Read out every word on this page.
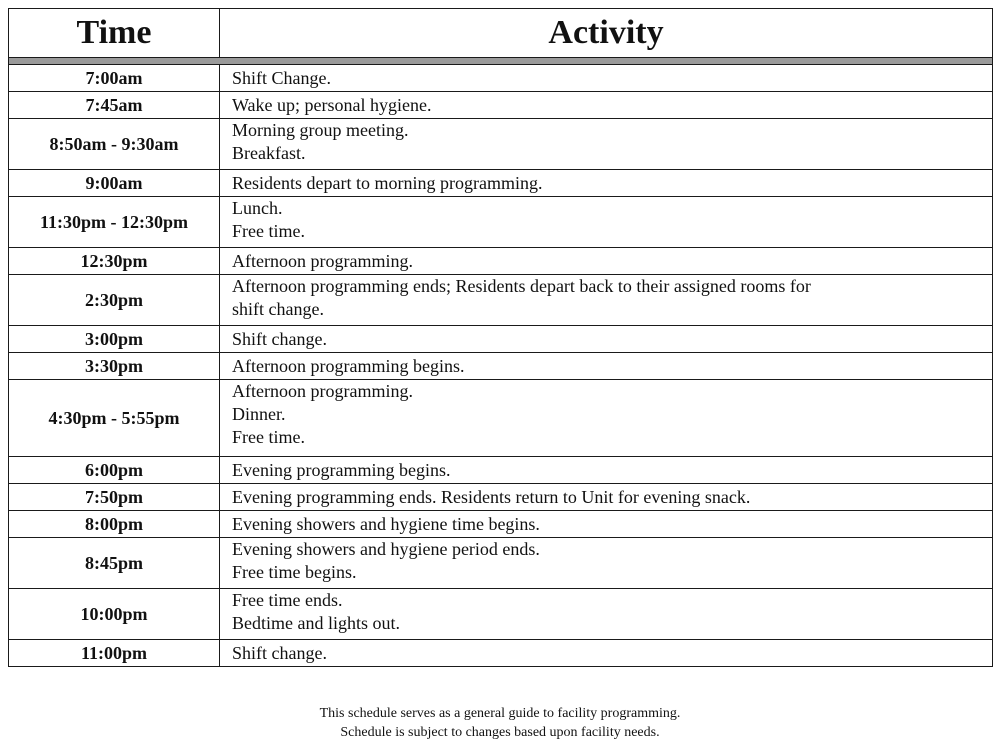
Time	Activity

7:00am	Shift Change.

7:45am	Wake up; personal hygiene.

8:50am - 9:30am	Morning group meeting.
Breakfast.

9:00am	Residents depart to morning programming.

11:30pm - 12:30pm	Lunch.
Free time.

12:30pm	Afternoon programming.

2:30pm	Afternoon programming ends; Residents depart back to their assigned rooms for
shift change.

3:00pm	Shift change.

3:30pm	Afternoon programming begins.

4:30pm - 5:55pm	Afternoon programming.
Dinner.
Free time.

6:00pm	Evening programming begins.

7:50pm	Evening programming ends. Residents return to Unit for evening snack.

8:00pm	Evening showers and hygiene time begins.

8:45pm	Evening showers and hygiene period ends.
Free time begins.

10:00pm	Free time ends.
Bedtime and lights out.

11:00pm	Shift change.
This schedule serves as a general guide to facility programming.
Schedule is subject to changes based upon facility needs.
